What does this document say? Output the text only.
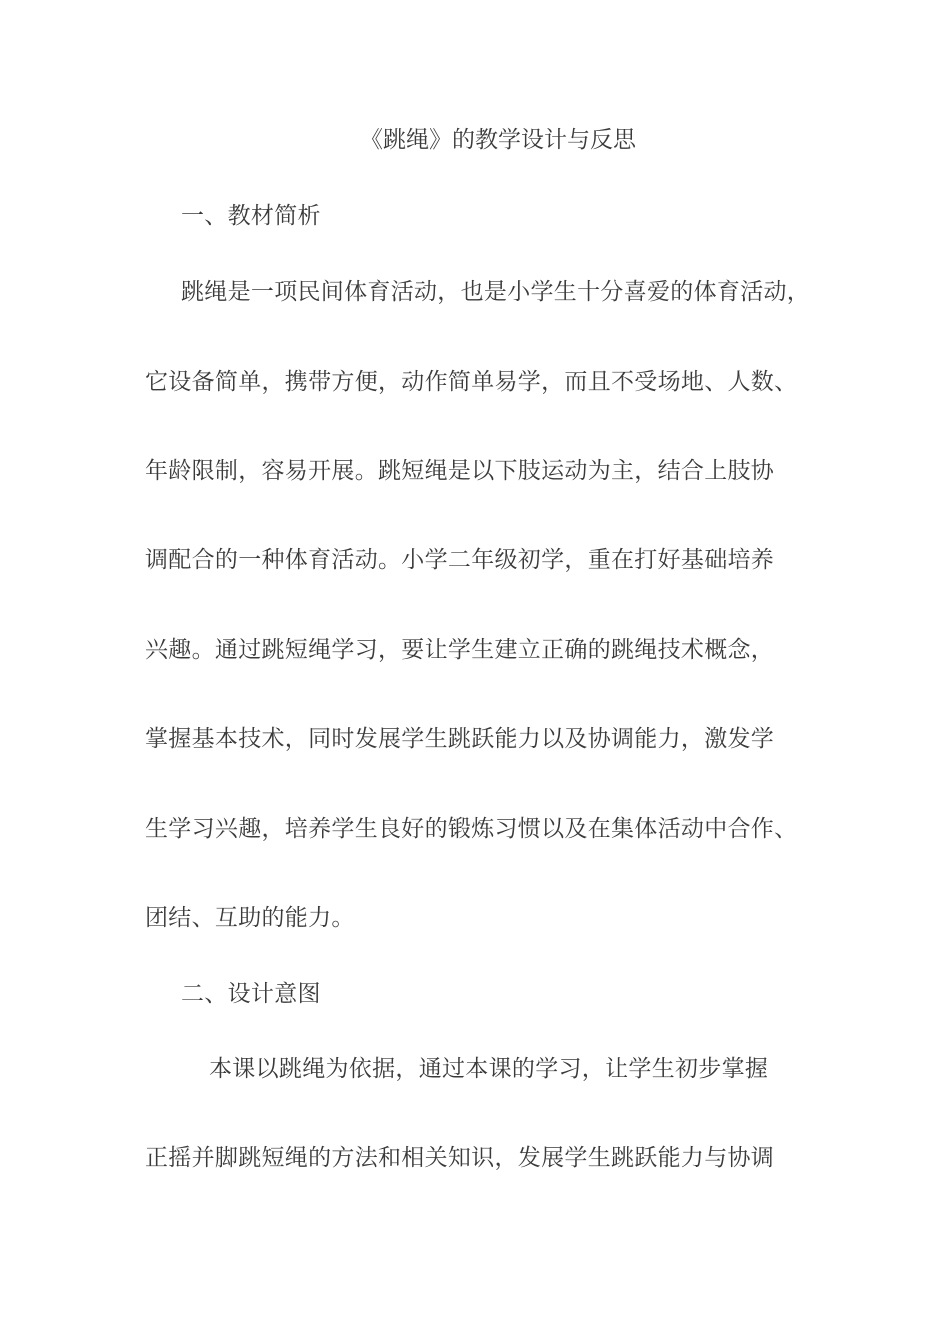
《跳绳》的教学设计与反思
一、教材简析
跳绳是一项民间体育活动，也是小学生十分喜爱的体育活动，
它设备简单，携带方便，动作简单易学，而且不受场地、人数、
年龄限制，容易开展。跳短绳是以下肢运动为主，结合上肢协
调配合的一种体育活动。小学二年级初学，重在打好基础培养
兴趣。通过跳短绳学习，要让学生建立正确的跳绳技术概念，
掌握基本技术，同时发展学生跳跃能力以及协调能力，激发学
生学习兴趣，培养学生良好的锻炼习惯以及在集体活动中合作、
团结、互助的能力。
二、设计意图
本课以跳绳为依据，通过本课的学习，让学生初步掌握
正摇并脚跳短绳的方法和相关知识，发展学生跳跃能力与协调
